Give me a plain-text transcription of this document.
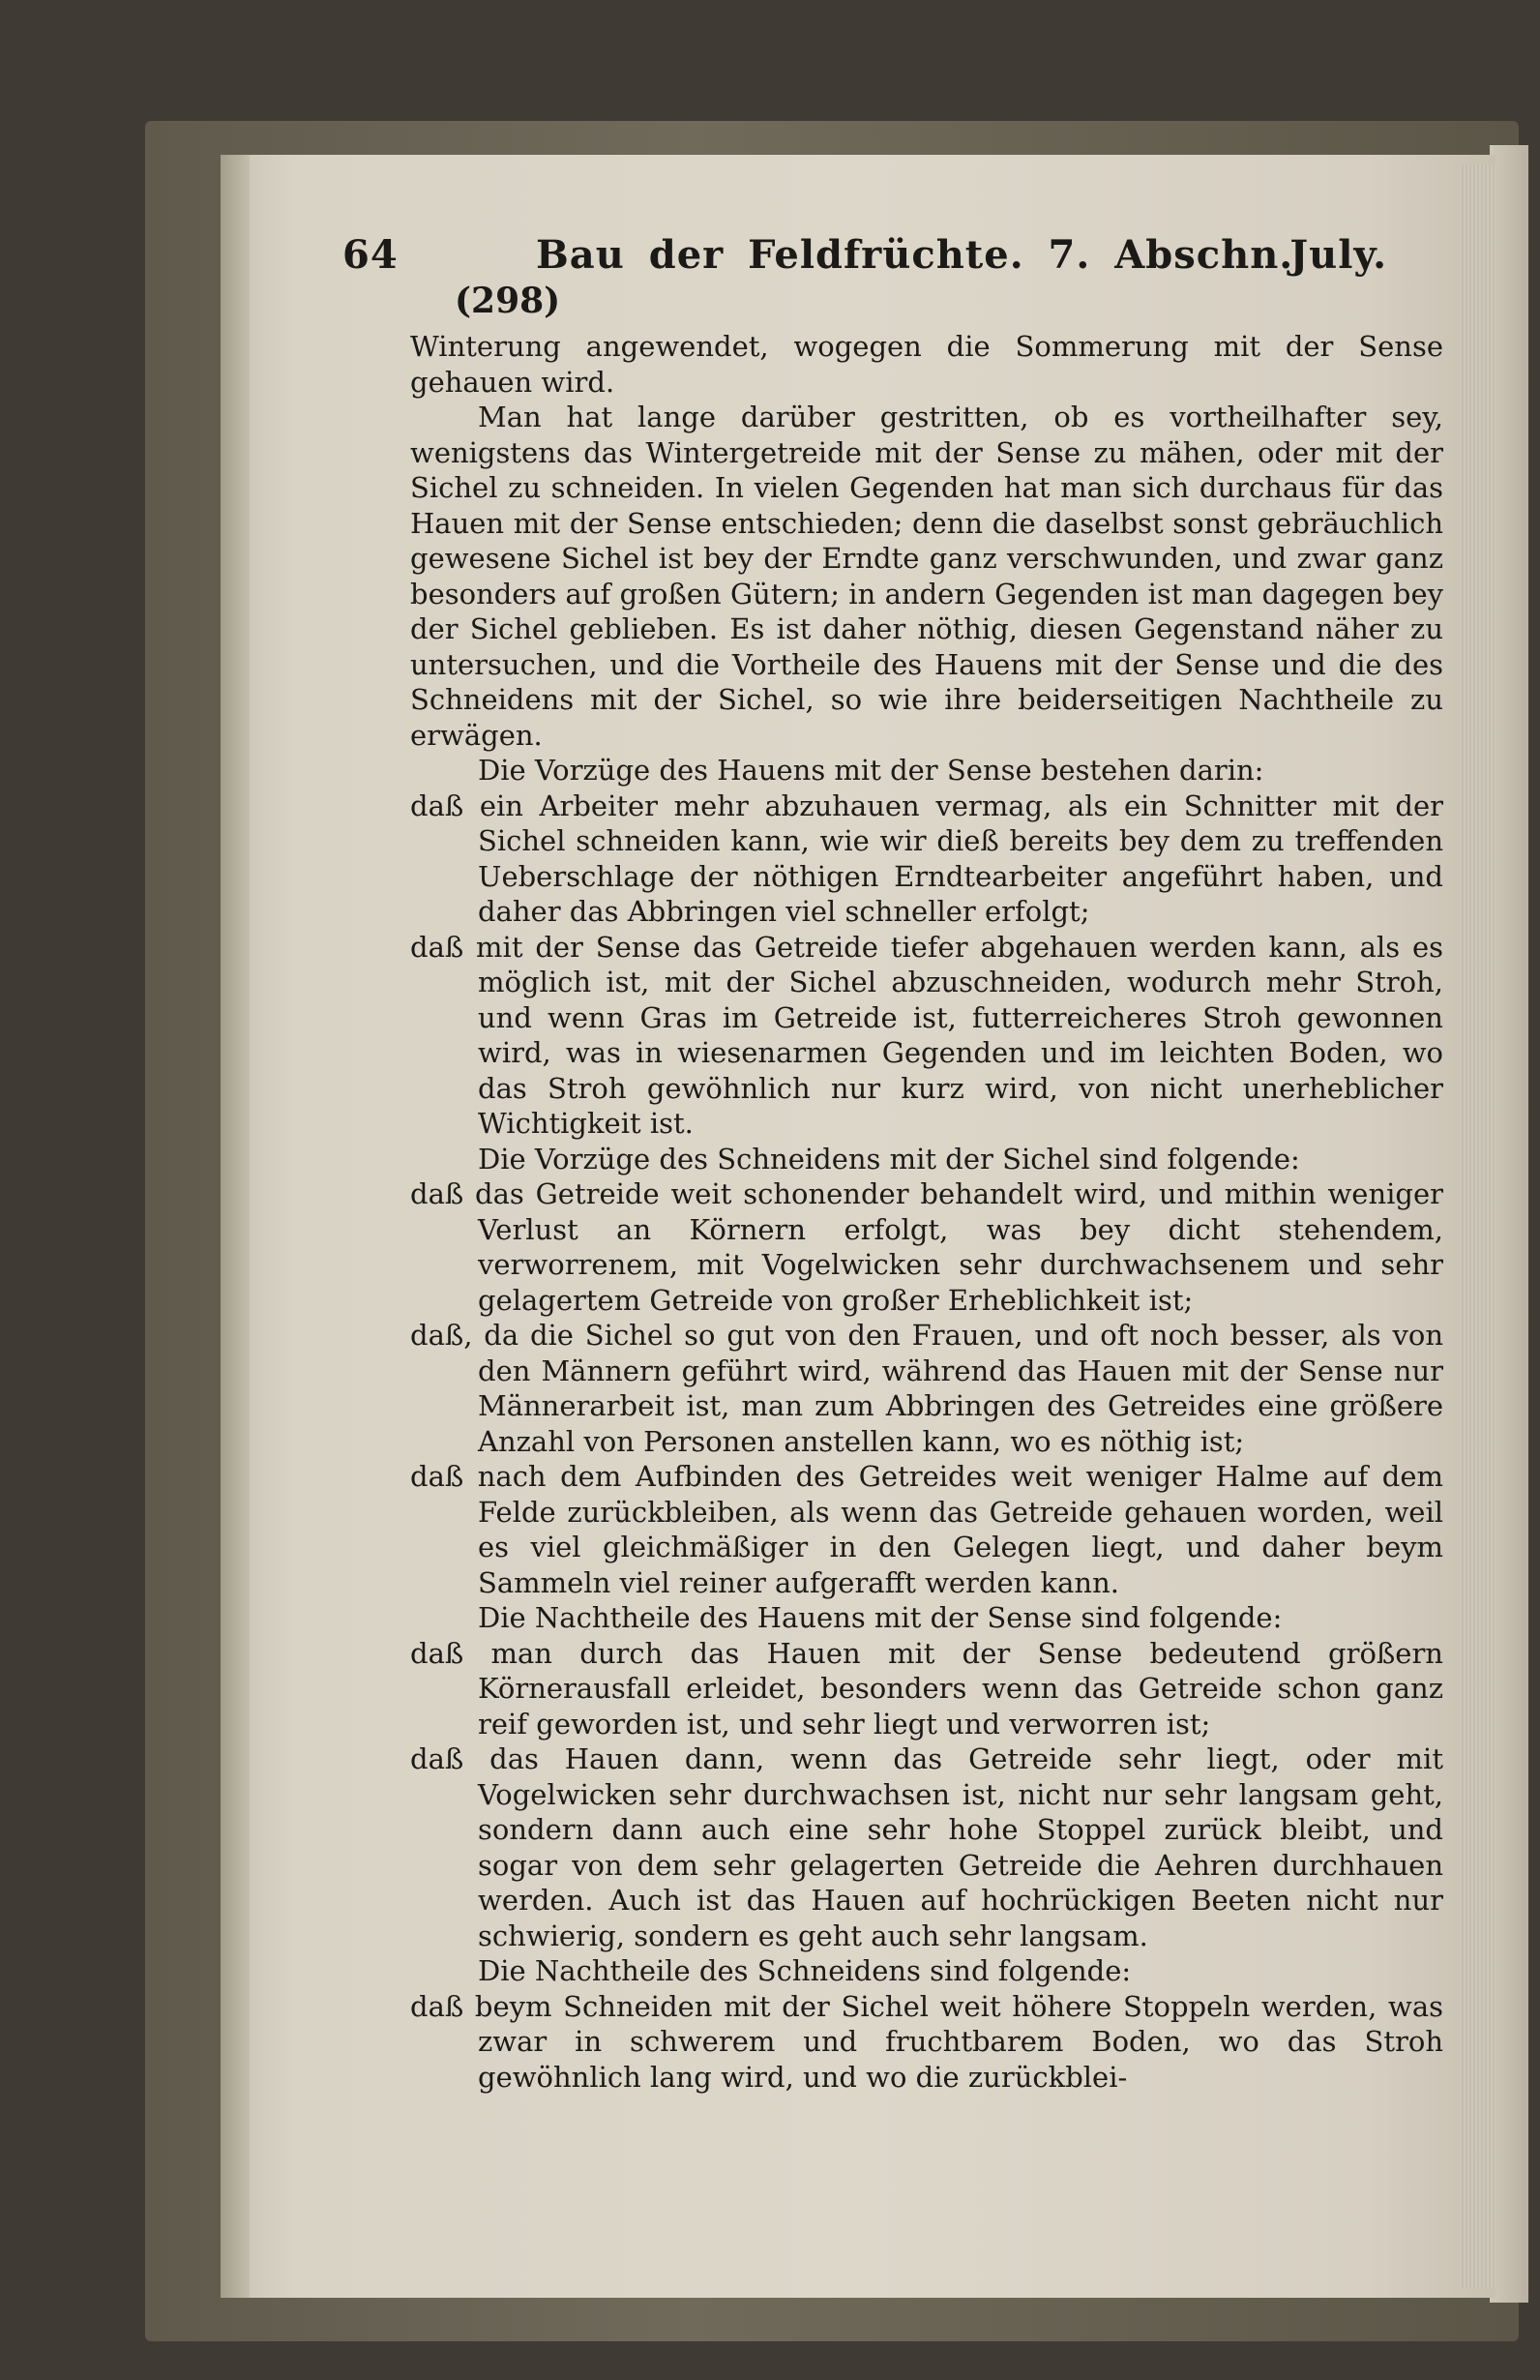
64	Bau der Feldfrüchte. 7. Abschn.
July.
(298)

Winterung angewendet, wogegen die Sommerung mit der Sense gehauen wird.

Man hat lange darüber gestritten, ob es vortheilhafter sey, wenigstens das Wintergetreide mit der Sense zu mähen, oder mit der Sichel zu schneiden. In vielen Gegenden hat man sich durchaus für das Hauen mit der Sense entschieden; denn die daselbst sonst gebräuchlich gewesene Sichel ist bey der Erndte ganz verschwunden, und zwar ganz besonders auf großen Gütern; in andern Gegenden ist man dagegen bey der Sichel geblieben. Es ist daher nöthig, diesen Gegenstand näher zu untersuchen, und die Vortheile des Hauens mit der Sense und die des Schneidens mit der Sichel, so wie ihre beiderseitigen Nachtheile zu erwägen.

Die Vorzüge des Hauens mit der Sense bestehen darin:

daß ein Arbeiter mehr abzuhauen vermag, als ein Schnitter mit der Sichel schneiden kann, wie wir dieß bereits bey dem zu treffenden Ueberschlage der nöthigen Erndtearbeiter angeführt haben, und daher das Abbringen viel schneller erfolgt;

daß mit der Sense das Getreide tiefer abgehauen werden kann, als es möglich ist, mit der Sichel abzuschneiden, wodurch mehr Stroh, und wenn Gras im Getreide ist, futterreicheres Stroh gewonnen wird, was in wiesenarmen Gegenden und im leichten Boden, wo das Stroh gewöhnlich nur kurz wird, von nicht unerheblicher Wichtigkeit ist.

Die Vorzüge des Schneidens mit der Sichel sind folgende:

daß das Getreide weit schonender behandelt wird, und mithin weniger Verlust an Körnern erfolgt, was bey dicht stehendem, verworrenem, mit Vogelwicken sehr durchwachsenem und sehr gelagertem Getreide von großer Erheblichkeit ist;

daß, da die Sichel so gut von den Frauen, und oft noch besser, als von den Männern geführt wird, während das Hauen mit der Sense nur Männerarbeit ist, man zum Abbringen des Getreides eine größere Anzahl von Personen anstellen kann, wo es nöthig ist;

daß nach dem Aufbinden des Getreides weit weniger Halme auf dem Felde zurückbleiben, als wenn das Getreide gehauen worden, weil es viel gleichmäßiger in den Gelegen liegt, und daher beym Sammeln viel reiner aufgerafft werden kann.

Die Nachtheile des Hauens mit der Sense sind folgende:

daß man durch das Hauen mit der Sense bedeutend größern Körnerausfall erleidet, besonders wenn das Getreide schon ganz reif geworden ist, und sehr liegt und verworren ist;

daß das Hauen dann, wenn das Getreide sehr liegt, oder mit Vogelwicken sehr durchwachsen ist, nicht nur sehr langsam geht, sondern dann auch eine sehr hohe Stoppel zurück bleibt, und sogar von dem sehr gelagerten Getreide die Aehren durchhauen werden. Auch ist das Hauen auf hochrückigen Beeten nicht nur schwierig, sondern es geht auch sehr langsam.

Die Nachtheile des Schneidens sind folgende:

daß beym Schneiden mit der Sichel weit höhere Stoppeln werden, was zwar in schwerem und fruchtbarem Boden, wo das Stroh gewöhnlich lang wird, und wo die zurückblei-
